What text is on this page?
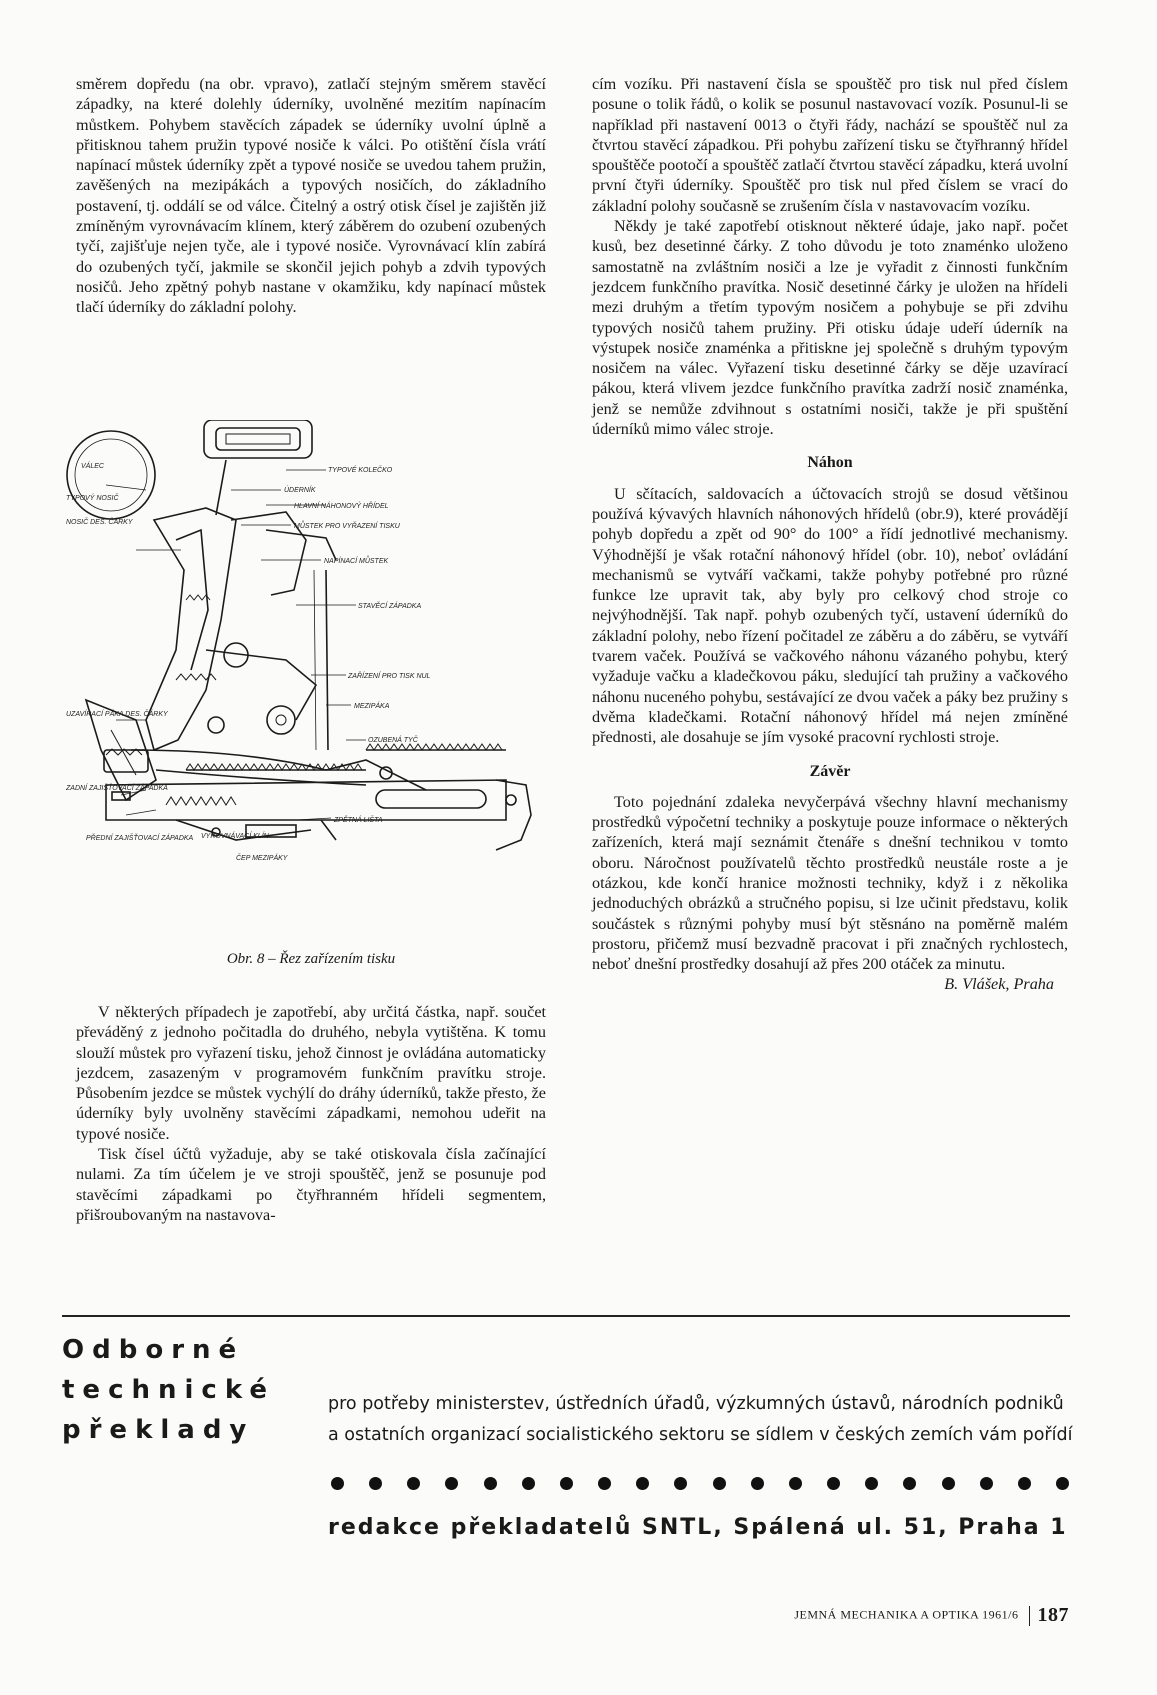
směrem dopředu (na obr. vpravo), zatlačí stejným směrem stavěcí západky, na které dolehly úderníky, uvolněné mezitím napínacím můstkem. Pohybem stavěcích západek se úderníky uvolní úplně a přitisknou tahem pružin typové nosiče k válci. Po otištění čísla vrátí napínací můstek úderníky zpět a typové nosiče se uvedou tahem pružin, zavěšených na mezipákách a typových nosičích, do základního postavení, tj. oddálí se od válce. Čitelný a ostrý otisk čísel je zajištěn již zmíněným vyrovnávacím klínem, který záběrem do ozubení ozubených tyčí, zajišťuje nejen tyče, ale i typové nosiče. Vyrovnávací klín zabírá do ozubených tyčí, jakmile se skončil jejich pohyb a zdvih typových nosičů. Jeho zpětný pohyb nastane v okamžiku, kdy napínací můstek tlačí úderníky do základní polohy.

VÁLEC
TYPOVÉ KOLEČKO
ÚDERNÍK
TYPOVÝ NOSIČ
HLAVNÍ NÁHONOVÝ HŘÍDEL
NOSIČ DES. ČÁRKY
MŮSTEK PRO VYŘAZENÍ TISKU
NAPÍNACÍ MŮSTEK
STAVĚCÍ ZÁPADKA
ZAŘÍZENÍ PRO TISK NUL
MEZIPÁKA
UZAVÍRACÍ PÁKA DES. ČÁRKY
OZUBENÁ TYČ
ZADNÍ ZAJIŠŤOVACÍ ZÁPADKA
PŘEDNÍ ZAJIŠŤOVACÍ ZÁPADKA VYROVNÁVACÍ KLÍN
ZPĚTNÁ LIŠTA
ČEP MEZIPÁKY
Obr. 8 – Řez zařízením tisku

V některých případech je zapotřebí, aby určitá částka, např. součet převáděný z jednoho počitadla do druhého, nebyla vytištěna. K tomu slouží můstek pro vyřazení tisku, jehož činnost je ovládána automaticky jezdcem, zasazeným v programovém funkčním pravítku stroje. Působením jezdce se můstek vychýlí do dráhy úderníků, takže přesto, že úderníky byly uvolněny stavěcími západkami, nemohou udeřit na typové nosiče.

Tisk čísel účtů vyžaduje, aby se také otiskovala čísla začínající nulami. Za tím účelem je ve stroji spouštěč, jenž se posunuje pod stavěcími západkami po čtyřhranném hřídeli segmentem, přišroubovaným na nastavova-

cím vozíku. Při nastavení čísla se spouštěč pro tisk nul před číslem posune o tolik řádů, o kolik se posunul nastavovací vozík. Posunul-li se například při nastavení 0013 o čtyři řády, nachází se spouštěč nul za čtvrtou stavěcí západkou. Při pohybu zařízení tisku se čtyřhranný hřídel spouštěče pootočí a spouštěč zatlačí čtvrtou stavěcí západku, která uvolní první čtyři úderníky. Spouštěč pro tisk nul před číslem se vrací do základní polohy současně se zrušením čísla v nastavovacím vozíku.

Někdy je také zapotřebí otisknout některé údaje, jako např. počet kusů, bez desetinné čárky. Z toho důvodu je toto znaménko uloženo samostatně na zvláštním nosiči a lze je vyřadit z činnosti funkčním jezdcem funkčního pravítka. Nosič desetinné čárky je uložen na hřídeli mezi druhým a třetím typovým nosičem a pohybuje se při zdvihu typových nosičů tahem pružiny. Při otisku údaje udeří úderník na výstupek nosiče znaménka a přitiskne jej společně s druhým typovým nosičem na válec. Vyřazení tisku desetinné čárky se děje uzavírací pákou, která vlivem jezdce funkčního pravítka zadrží nosič znaménka, jenž se nemůže zdvihnout s ostatními nosiči, takže je při spuštění úderníků mimo válec stroje.

Náhon

U sčítacích, saldovacích a účtovacích strojů se dosud většinou používá kývavých hlavních náhonových hřídelů (obr.9), které provádějí pohyb dopředu a zpět od 90° do 100° a řídí jednotlivé mechanismy. Výhodnější je však rotační náhonový hřídel (obr. 10), neboť ovládání mechanismů se vytváří vačkami, takže pohyby potřebné pro různé funkce lze upravit tak, aby byly pro celkový chod stroje co nejvýhodnější. Tak např. pohyb ozubených tyčí, ustavení úderníků do základní polohy, nebo řízení počitadel ze záběru a do záběru, se vytváří tvarem vaček. Používá se vačkového náhonu vázaného pohybu, který vyžaduje vačku a kladečkovou páku, sledující tah pružiny a vačkového náhonu nuceného pohybu, sestávající ze dvou vaček a páky bez pružiny s dvěma kladečkami. Rotační náhonový hřídel má nejen zmíněné přednosti, ale dosahuje se jím vysoké pracovní rychlosti stroje.

Závěr

Toto pojednání zdaleka nevyčerpává všechny hlavní mechanismy prostředků výpočetní techniky a poskytuje pouze informace o některých zařízeních, která mají seznámit čtenáře s dnešní technikou v tomto oboru. Náročnost používatelů těchto prostředků neustále roste a je otázkou, kde končí hranice možnosti techniky, když i z několika jednoduchých obrázků a stručného popisu, si lze učinit představu, kolik součástek s různými pohyby musí být stěsnáno na poměrně malém prostoru, přičemž musí bezvadně pracovat i při značných rychlostech, neboť dnešní prostředky dosahují až přes 200 otáček za minutu.

B. Vlášek, Praha
Odborné
technické
překlady
pro potřeby ministerstev, ústředních úřadů, výzkumných ústavů, národních podniků a ostatních organizací socialistického sektoru se sídlem v českých zemích vám pořídí
redakce překladatelů SNTL, Spálená ul. 51, Praha 1
JEMNÁ MECHANIKA A OPTIKA 1961/6 187
